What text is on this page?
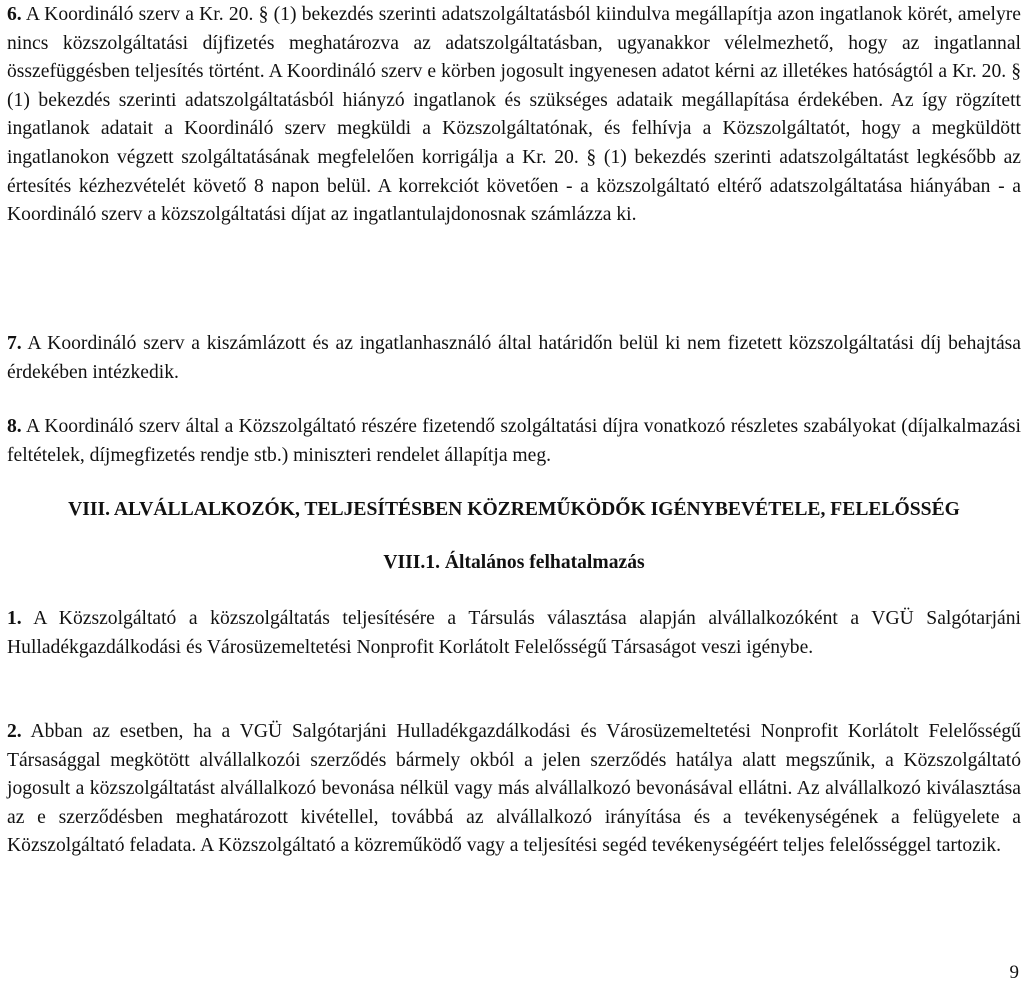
6. A Koordináló szerv a Kr. 20. § (1) bekezdés szerinti adatszolgáltatásból kiindulva megállapítja azon ingatlanok körét, amelyre nincs közszolgáltatási díjfizetés meghatározva az adatszolgáltatásban, ugyanakkor vélelmezhető, hogy az ingatlannal összefüggésben teljesítés történt. A Koordináló szerv e körben jogosult ingyenesen adatot kérni az illetékes hatóságtól a Kr. 20. § (1) bekezdés szerinti adatszolgáltatásból hiányzó ingatlanok és szükséges adataik megállapítása érdekében. Az így rögzített ingatlanok adatait a Koordináló szerv megküldi a Közszolgáltatónak, és felhívja a Közszolgáltatót, hogy a megküldött ingatlanokon végzett szolgáltatásának megfelelően korrigálja a Kr. 20. § (1) bekezdés szerinti adatszolgáltatást legkésőbb az értesítés kézhezvételét követő 8 napon belül. A korrekciót követően - a közszolgáltató eltérő adatszolgáltatása hiányában - a Koordináló szerv a közszolgáltatási díjat az ingatlantulajdonosnak számlázza ki.

7. A Koordináló szerv a kiszámlázott és az ingatlanhasználó által határidőn belül ki nem fizetett közszolgáltatási díj behajtása érdekében intézkedik.

8. A Koordináló szerv által a Közszolgáltató részére fizetendő szolgáltatási díjra vonatkozó részletes szabályokat (díjalkalmazási feltételek, díjmegfizetés rendje stb.) miniszteri rendelet állapítja meg.

VIII. ALVÁLLALKOZÓK, TELJESÍTÉSBEN KÖZREMŰKÖDŐK IGÉNYBEVÉTELE, FELELŐSSÉG
VIII.1. Általános felhatalmazás

1. A Közszolgáltató a közszolgáltatás teljesítésére a Társulás választása alapján alvállalkozóként a VGÜ Salgótarjáni Hulladékgazdálkodási és Városüzemeltetési Nonprofit Korlátolt Felelősségű Társaságot veszi igénybe.

2. Abban az esetben, ha a VGÜ Salgótarjáni Hulladékgazdálkodási és Városüzemeltetési Nonprofit Korlátolt Felelősségű Társasággal megkötött alvállalkozói szerződés bármely okból a jelen szerződés hatálya alatt megszűnik, a Közszolgáltató jogosult a közszolgáltatást alvállalkozó bevonása nélkül vagy más alvállalkozó bevonásával ellátni. Az alvállalkozó kiválasztása az e szerződésben meghatározott kivétellel, továbbá az alvállalkozó irányítása és a tevékenységének a felügyelete a Közszolgáltató feladata. A Közszolgáltató a közreműködő vagy a teljesítési segéd tevékenységéért teljes felelősséggel tartozik.

9
